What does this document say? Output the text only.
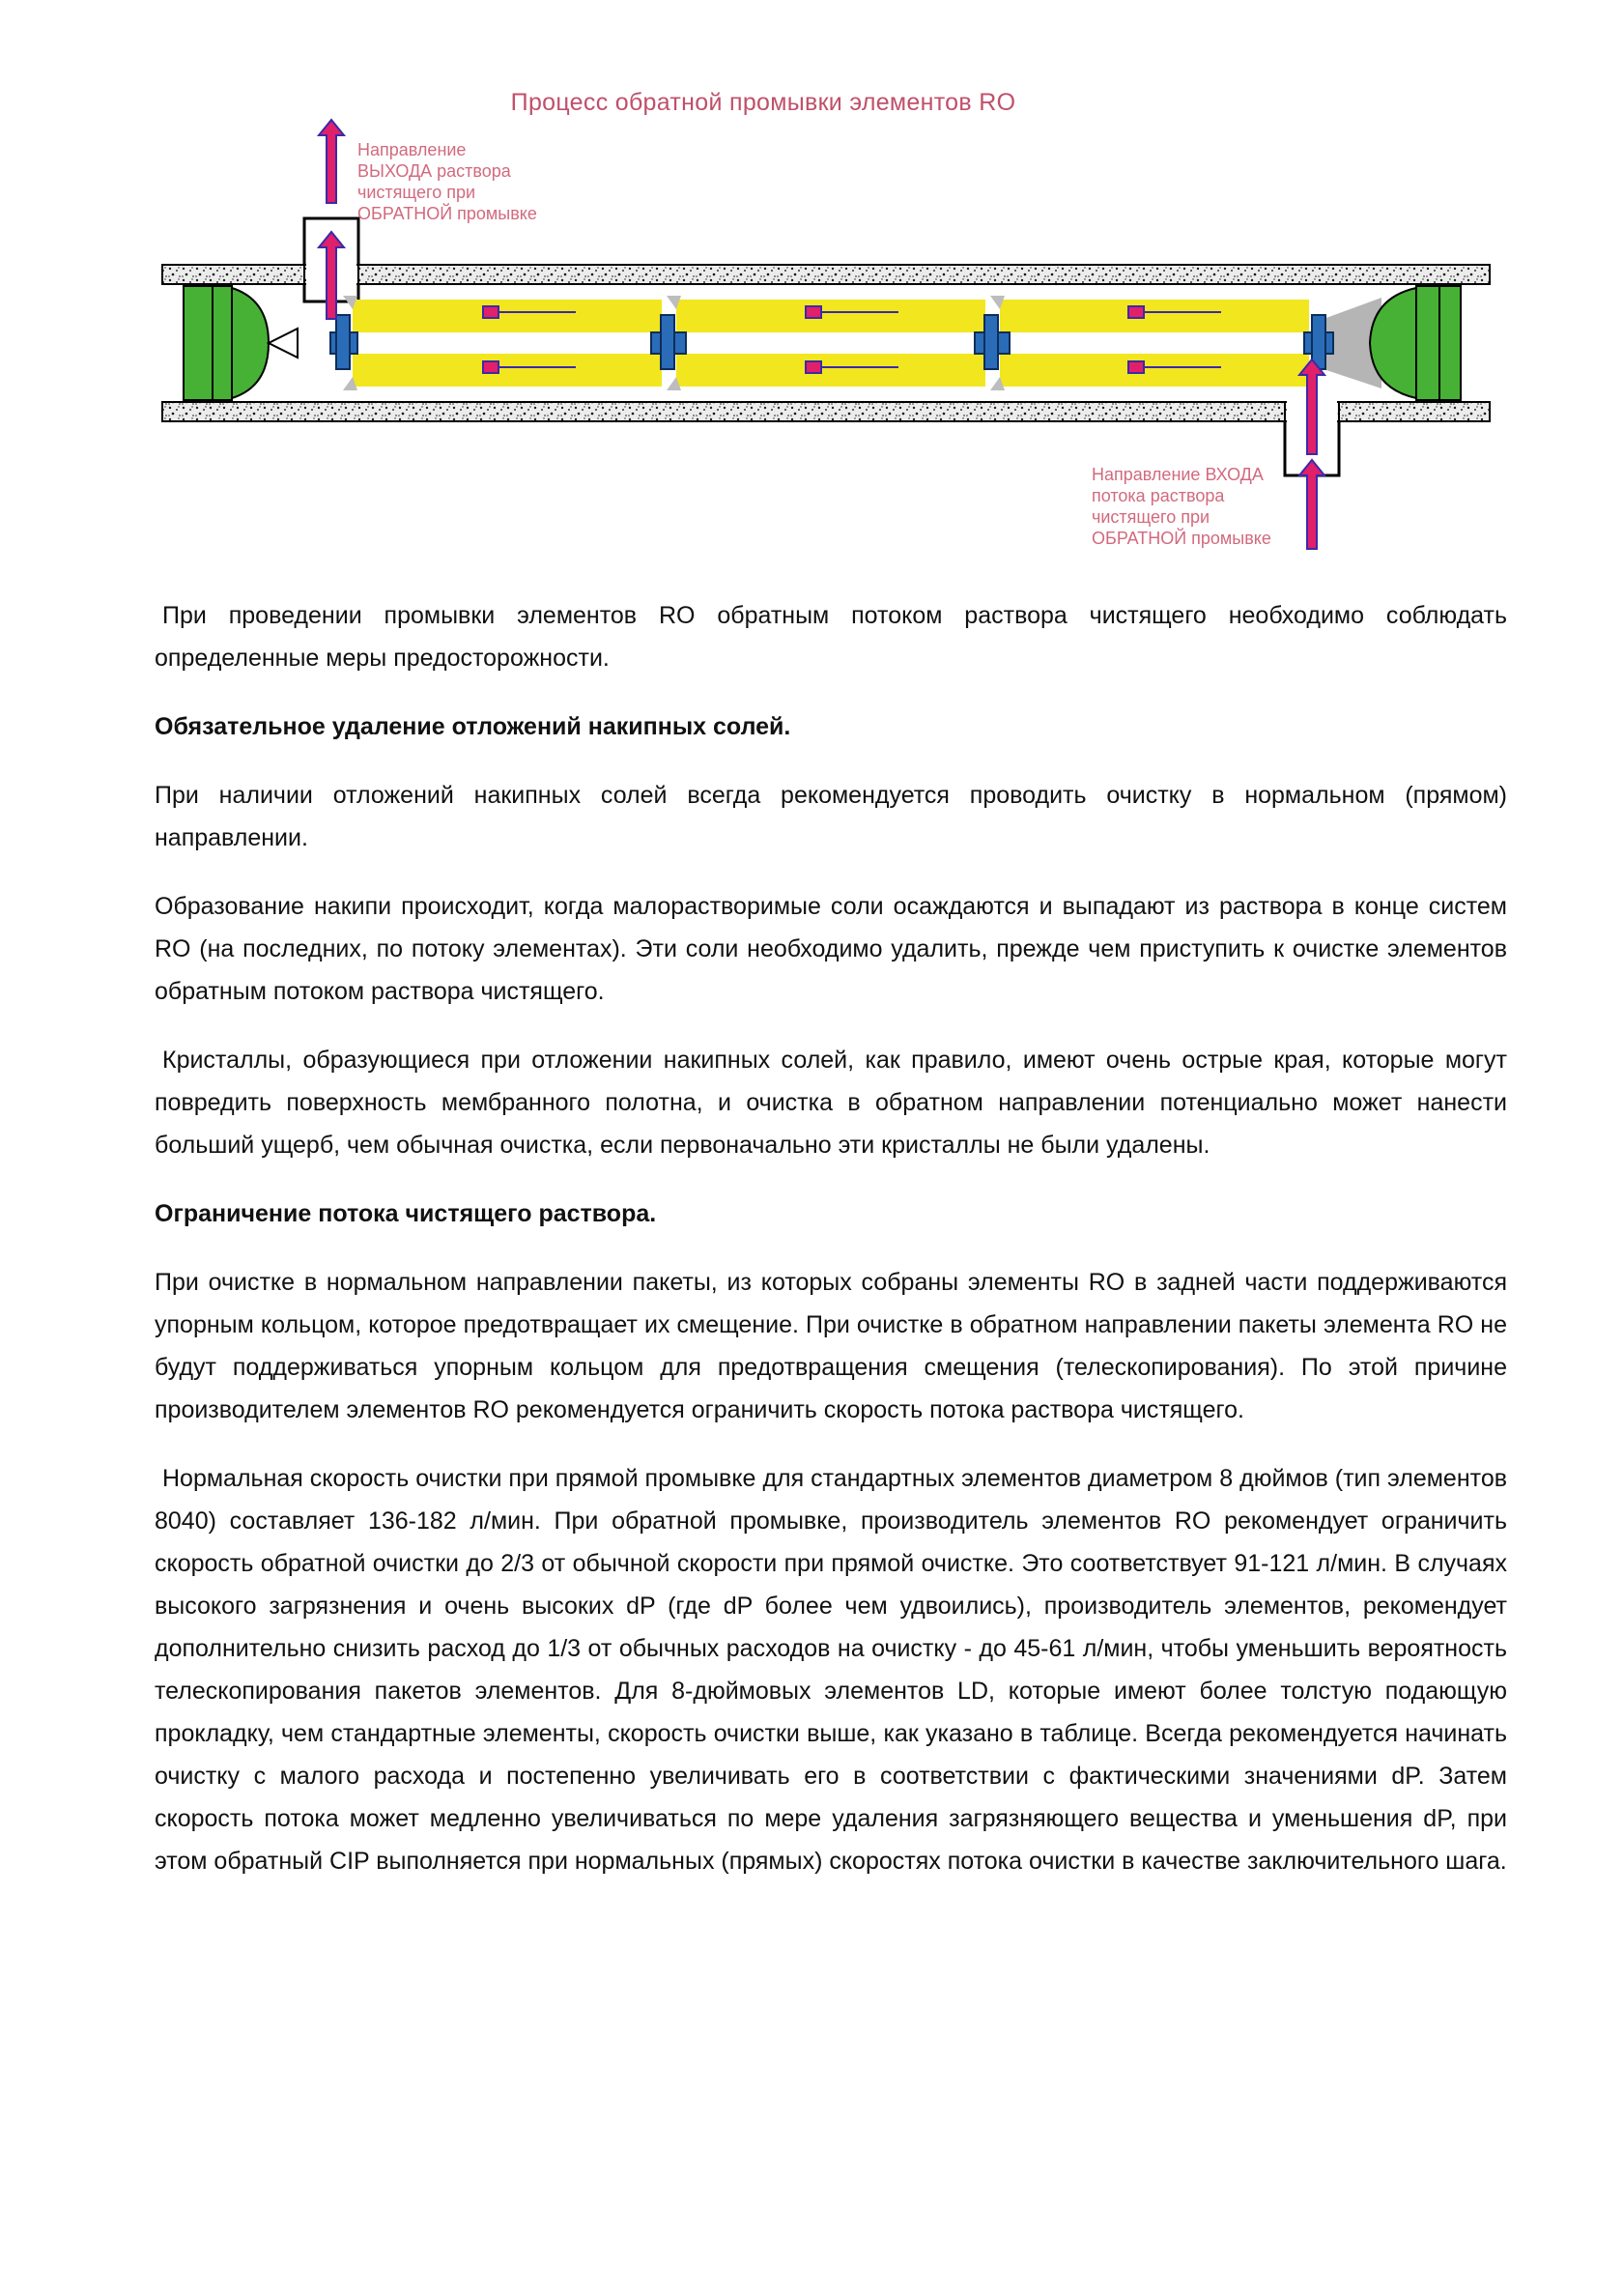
Процесс обратной промывки элементов RO
Направление
ВЫХОДА раствора
чистящего при
ОБРАТНОЙ промывке
Направление ВХОДА
потока раствора
чистящего при
ОБРАТНОЙ промывке

При проведении промывки элементов RO обратным потоком раствора чистящего необходимо соблюдать определенные меры предосторожности.

Обязательное удаление отложений накипных солей.

При наличии отложений накипных солей всегда рекомендуется проводить очистку в нормальном (прямом) направлении.

Образование накипи происходит, когда малорастворимые соли осаждаются и выпадают из раствора в конце систем RO (на последних, по потоку элементах). Эти соли необходимо удалить, прежде чем приступить к очистке элементов обратным потоком раствора чистящего.

Кристаллы, образующиеся при отложении накипных солей, как правило, имеют очень острые края, которые могут повредить поверхность мембранного полотна, и очистка в обратном направлении потенциально может нанести больший ущерб, чем обычная очистка, если первоначально эти кристаллы не были удалены.

Ограничение потока чистящего раствора.

При очистке в нормальном направлении пакеты, из которых собраны элементы RO в задней части поддерживаются упорным кольцом, которое предотвращает их смещение. При очистке в обратном направлении пакеты элемента RO не будут поддерживаться упорным кольцом для предотвращения смещения (телескопирования). По этой причине производителем элементов RO рекомендуется ограничить скорость потока раствора чистящего.

Нормальная скорость очистки при прямой промывке для стандартных элементов диаметром 8 дюймов (тип элементов 8040) составляет 136-182 л/мин. При обратной промывке, производитель элементов RO рекомендует ограничить скорость обратной очистки до 2/3 от обычной скорости при прямой очистке. Это соответствует 91-121 л/мин. В случаях высокого загрязнения и очень высоких dP (где dP более чем удвоились), производитель элементов, рекомендует дополнительно снизить расход до 1/3 от обычных расходов на очистку - до 45-61 л/мин, чтобы уменьшить вероятность телескопирования пакетов элементов. Для 8-дюймовых элементов LD, которые имеют более толстую подающую прокладку, чем стандартные элементы, скорость очистки выше, как указано в таблице. Всегда рекомендуется начинать очистку с малого расхода и постепенно увеличивать его в соответствии с фактическими значениями dP. Затем скорость потока может медленно увеличиваться по мере удаления загрязняющего вещества и уменьшения dP, при этом обратный CIP выполняется при нормальных (прямых) скоростях потока очистки в качестве заключительного шага.
